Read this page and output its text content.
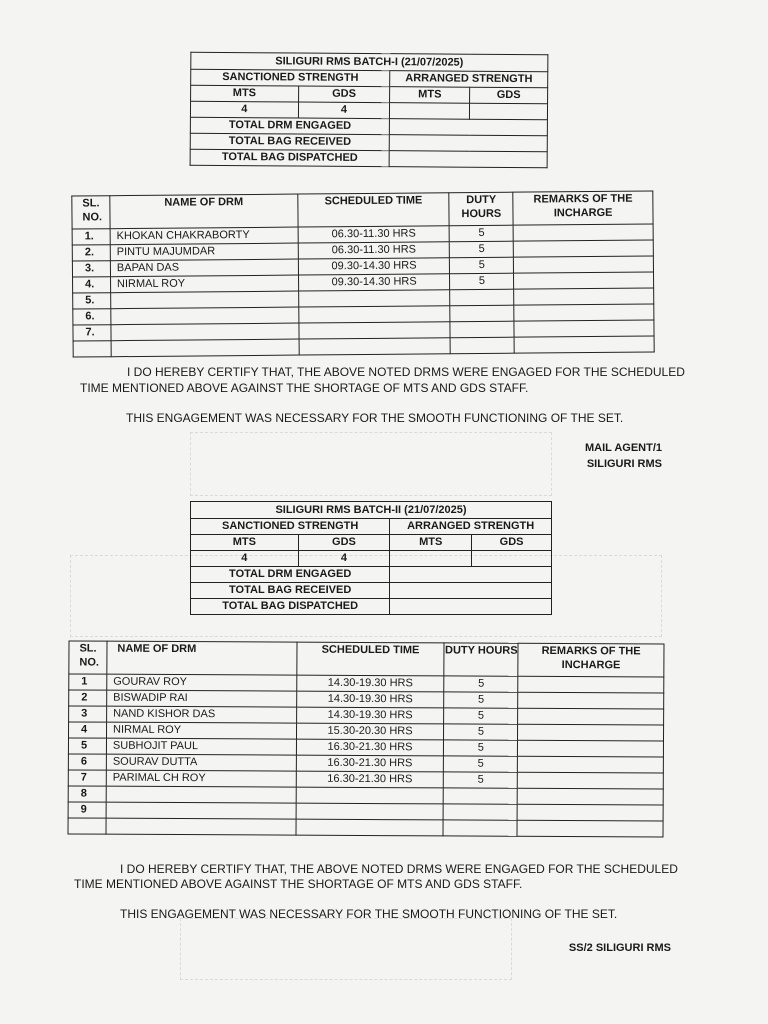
SILIGURI RMS BATCH-I (21/07/2025)			
SANCTIONED STRENGTH		ARRANGED STRENGTH	
MTS	GDS	MTS	GDS
4	4		
TOTAL DRM ENGAGED			
TOTAL BAG RECEIVED			
TOTAL BAG DISPATCHED			
SL. NO.	NAME OF DRM	SCHEDULED TIME	DUTY HOURS	REMARKS OF THE INCHARGE
1.	KHOKAN CHAKRABORTY	06.30-11.30 HRS	5	
2.	PINTU MAJUMDAR	06.30-11.30 HRS	5	
3.	BAPAN DAS	09.30-14.30 HRS	5	
4.	NIRMAL ROY	09.30-14.30 HRS	5	
5.				
6.				
7.				

I DO HEREBY CERTIFY THAT, THE ABOVE NOTED DRMS WERE ENGAGED FOR THE SCHEDULED
TIME MENTIONED ABOVE AGAINST THE SHORTAGE OF MTS AND GDS STAFF.
THIS ENGAGEMENT WAS NECESSARY FOR THE SMOOTH FUNCTIONING OF THE SET.
MAIL AGENT/1
SILIGURI RMS
SILIGURI RMS BATCH-II (21/07/2025)			
SANCTIONED STRENGTH		ARRANGED STRENGTH	
MTS	GDS	MTS	GDS
4	4		
TOTAL DRM ENGAGED			
TOTAL BAG RECEIVED			
TOTAL BAG DISPATCHED			
SL. NO.	NAME OF DRM	SCHEDULED TIME	DUTY HOURS	REMARKS OF THE INCHARGE
1	GOURAV ROY	14.30-19.30 HRS	5	
2	BISWADIP RAI	14.30-19.30 HRS	5	
3	NAND KISHOR DAS	14.30-19.30 HRS	5	
4	NIRMAL ROY	15.30-20.30 HRS	5	
5	SUBHOJIT PAUL	16.30-21.30 HRS	5	
6	SOURAV DUTTA	16.30-21.30 HRS	5	
7	PARIMAL CH ROY	16.30-21.30 HRS	5	
8				
9				

I DO HEREBY CERTIFY THAT, THE ABOVE NOTED DRMS WERE ENGAGED FOR THE SCHEDULED
TIME MENTIONED ABOVE AGAINST THE SHORTAGE OF MTS AND GDS STAFF.
THIS ENGAGEMENT WAS NECESSARY FOR THE SMOOTH FUNCTIONING OF THE SET.
SS/2 SILIGURI RMS
